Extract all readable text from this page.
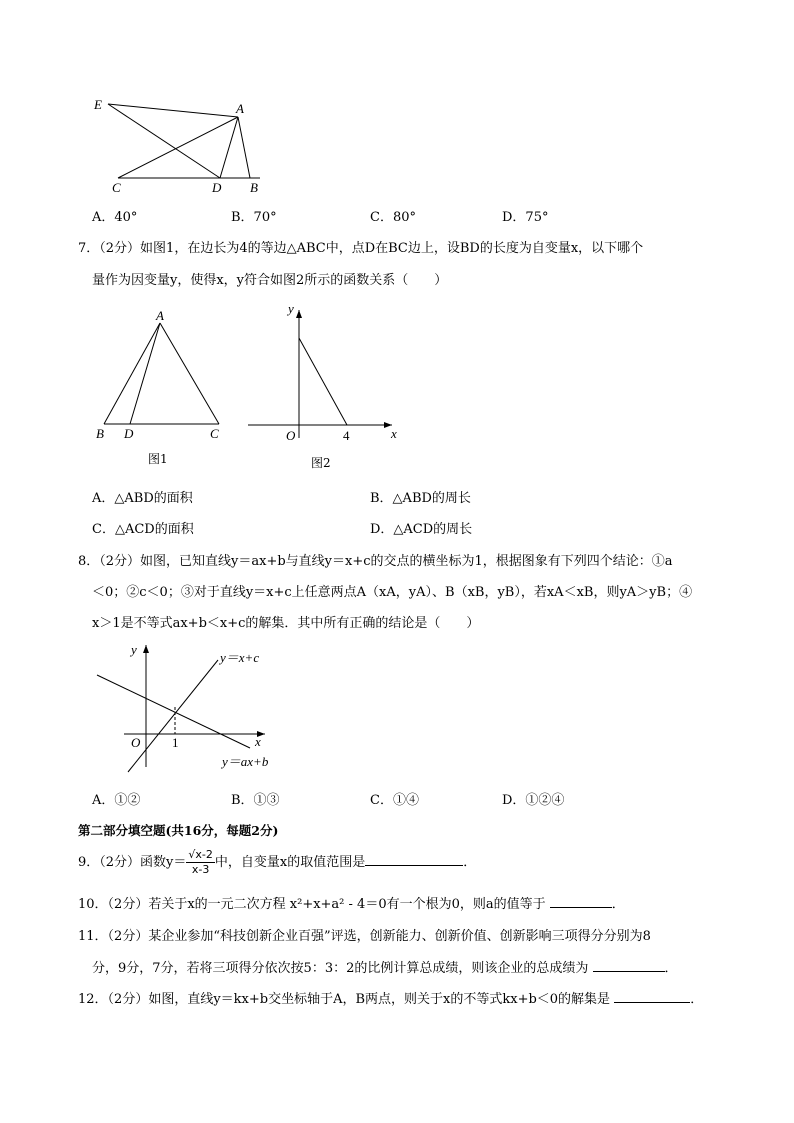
E	A
C	D B
A．40°	B．70°	C．80°	D．75°
7．（2分）如图1，在边长为4的等边△ABC中，点D在BC边上，设BD的长度为自变量x，以下哪个
量作为因变量y，使得x，y符合如图2所示的函数关系（　　）
A
B D	C
y
O	4	x
图1	图2
A．△ABD的面积	B．△ABD的周长
C．△ACD的面积	D．△ACD的周长
8．（2分）如图，已知直线y＝ax+b与直线y＝x+c的交点的横坐标为1，根据图象有下列四个结论：①a
＜0；②c＜0；③对于直线y＝x+c上任意两点A（xA，yA）、B（xB，yB），若xA＜xB，则yA＞yB；④
x＞1是不等式ax+b＜x+c的解集．其中所有正确的结论是（　　）
y
x
O 1
y＝x+c
y＝ax+b
A．①②	B．①③	C．①④	D．①②④
第二部分填空题(共16分，每题2分)
9．（2分）函数$y= \frac{√x-2}{x-3}$ 中，自变量x的取值范围是	．
10．（2分）若关于x的一元二次方程 x²+x+a² - 4＝0有一个根为0，则a的值等于	．
11．（2分）某企业参加“科技创新企业百强”评选，创新能力、创新价值、创新影响三项得分分别为8
分，9分，7分，若将三项得分依次按5：3：2的比例计算总成绩，则该企业的总成绩为	．
12．（2分）如图，直线y＝kx+b交坐标轴于A，B两点，则关于x的不等式kx+b＜0的解集是	．
